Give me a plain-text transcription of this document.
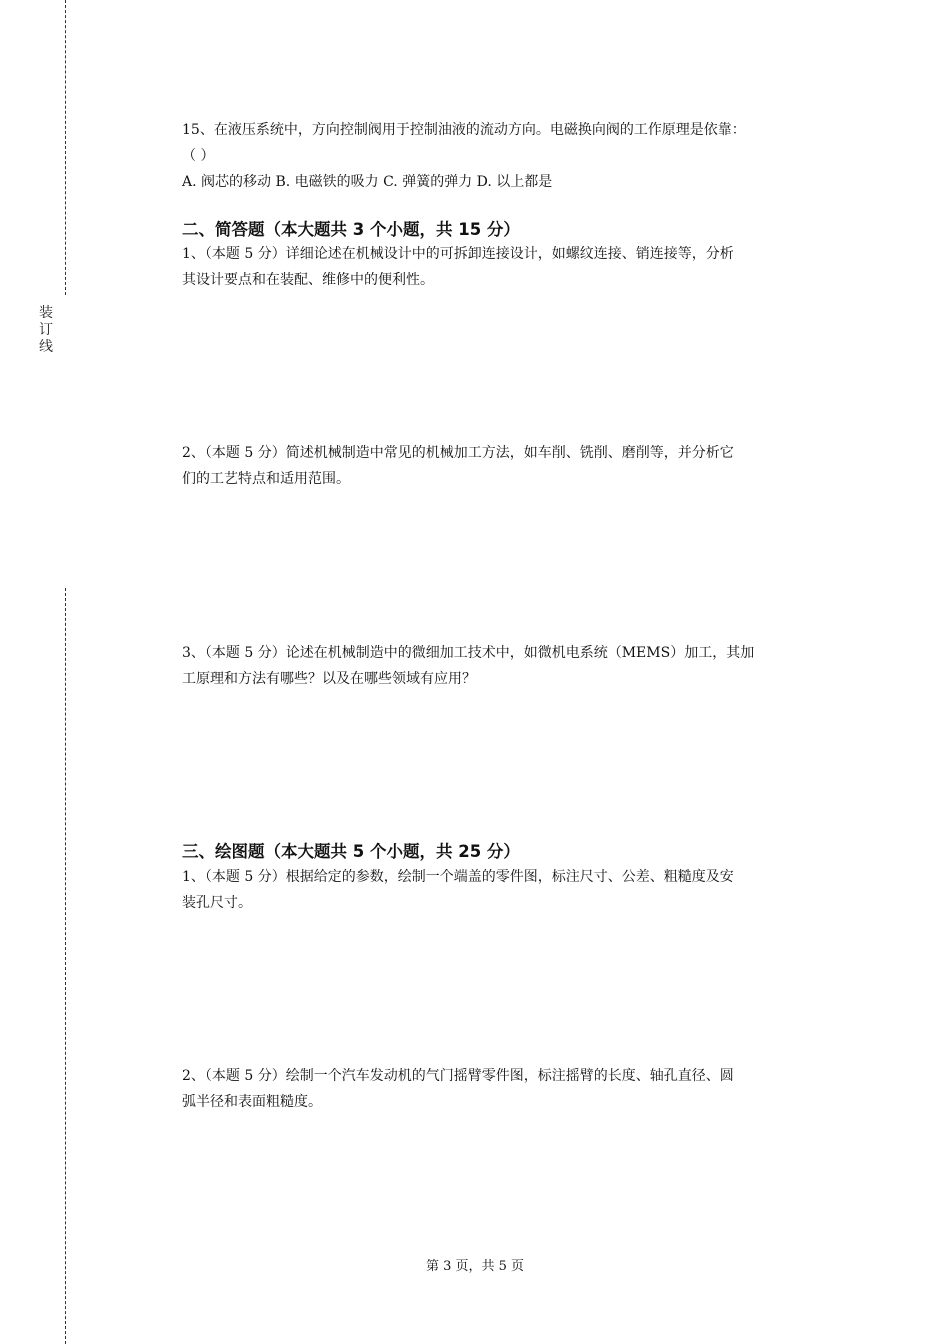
装
订
线
15、在液压系统中，方向控制阀用于控制油液的流动方向。电磁换向阀的工作原理是依靠：
（ ）
A. 阀芯的移动 B. 电磁铁的吸力 C. 弹簧的弹力 D. 以上都是
二、简答题（本大题共 3 个小题，共 15 分）
1、（本题 5 分）详细论述在机械设计中的可拆卸连接设计，如螺纹连接、销连接等，分析
其设计要点和在装配、维修中的便利性。
2、（本题 5 分）简述机械制造中常见的机械加工方法，如车削、铣削、磨削等，并分析它
们的工艺特点和适用范围。
3、（本题 5 分）论述在机械制造中的微细加工技术中，如微机电系统（MEMS）加工，其加
工原理和方法有哪些？以及在哪些领域有应用？
三、绘图题（本大题共 5 个小题，共 25 分）
1、（本题 5 分）根据给定的参数，绘制一个端盖的零件图，标注尺寸、公差、粗糙度及安
装孔尺寸。
2、（本题 5 分）绘制一个汽车发动机的气门摇臂零件图，标注摇臂的长度、轴孔直径、圆
弧半径和表面粗糙度。
第 3 页，共 5 页
